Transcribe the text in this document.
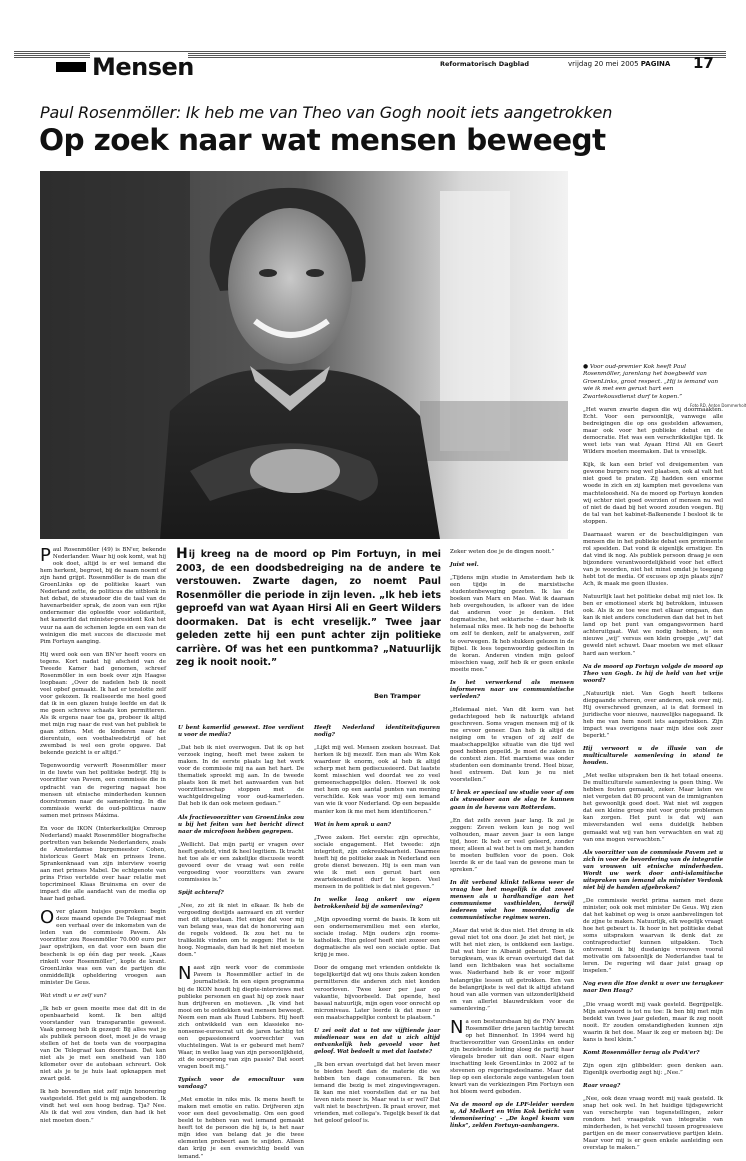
Mensen	Reformatorisch Dagblad	vrijdag 20 mei 2005 PAGINA 17
Paul Rosenmöller: Ik heb me van Theo van Gogh nooit iets aangetrokken
Op zoek naar wat mensen beweegt
● Voor oud-premier Kok heeft Paul Rosenmöller, jarenlang het boegbeeld van GroenLinks, groot respect. „Hij is iemand van wie ik met een gerust hart een Zwartekousdienst durf te kopen.”
Foto RD, Anton Dommerholt
Hij kreeg na de moord op Pim Fortuyn, in mei 2003, de een doodsbedreiging na de andere te verstouwen. Zwarte dagen, zo noemt Paul Rosenmöller die periode in zijn leven. „Ik heb iets geproefd van wat Ayaan Hirsi Ali en Geert Wilders doormaken. Dat is echt vreselijk.” Twee jaar geleden zette hij een punt achter zijn politieke carrière. Of was het een puntkomma? „Natuurlijk zeg ik nooit nooit.”
Ben Tramper

Paul Rosenmöller (49) is BN'er, bekende Nederlander. Waar hij ook komt, wat hij ook doet, altijd is er wel iemand die hem herkent, begroet, bij de naam noemt of zijn hand grijpt. Rosenmöller is de man die GroenLinks op de politieke kaart van Nederland zette, de politicus die uitblonk in het debat, de stuwadoor die de taal van de havenarbeider sprak, de zoon van een rijke ondernemer die opleefde voor solidariteit, het kamerlid dat minister-president Kok het vuur na aan de schenen legde en een van de weinigen die met succes de discussie met Pim Fortuyn aanging.

Hij werd ook een van BN'er heeft voors en tegens. Kort nadat hij afscheid van de Tweede Kamer had genomen, schreef Rosenmöller in een boek over zijn Haagse loopbaan: „Over de nadelen heb ik nooit veel opbef gemaakt. Ik had er tenslotte zelf voor gekozen. Ik realiseerde me heel goed dat ik in een glazen huisje leefde en dat ik me geen schreve schaats kon permitteren. Als ik ergens naar toe ga, probeer ik altijd met mijn rug naar de rest van het publiek te gaan zitten. Met de kinderen naar de dierentuin, een voetbalwedstrijd of het zwembad is wel een grote opgave. Dat bekende gezicht is er altijd.”

Tegenwoordig verwerft Rosenmöller meer in de luwte van het politieke bedrijf. Hij is voorzitter van Pavem, een commissie die in opdracht van de regering nagaat hoe mensen uit etnische minderheden kunnen doorstromen naar de samenleving. In die commissie werkt de oud-politicus nauw samen met prinses Máxima.

En voor de IKON (Interkerkelijke Omroep Nederland) maakt Rosenmöller biografische portretten van bekende Nederlanders, zoals de Amsterdamse burgemeester Cohen, historicus Geert Mak en prinses Irene. Sprankenknaad van zijn interview voerig aan met prinses Mabel. De echtgenote van prins Friso vertelde over haar relatie met topcrimineel Klaas Bruinsma en over de impact die alle aandacht van de media op haar had gehad.

Over glazen huisjes gesproken: begin deze maand opende De Telegraaf met een verhaal over de inkomsten van de leden van de commissie Pavem. Als voorzitter zou Rosenmöller 70.000 euro per jaar opstrijken, en dat voor een baan die beschenk is op één dag per week. „Kaas rinkelt voor Rosenmöller”, kopte de krant. GroenLinks was een van de partijen die onmiddellijk opheldering vroegen aan minister De Geus.

Wat vindt u er zelf van?

„Ik heb er geen moeite mee dat dit in de openbaarheid komt. Ik ben altijd voorstander van transparantie geweest. Vaak genoeg heb ik gezegd: Bij alles wat je als publiek persoon doet, moet je de vraag stellen of het de toets van de voorpagina van De Telegraaf kan doorstaan. Dat kan niet als je met een snelheid van 180 kilometer over de autobaan schreurt. Ook niet als je te je huis laat opknappen met zwart geld.

Ik heb bovendien niet zelf mijn honorering vastgesteld. Het geld is mij aangeboden. Ik vindt het wel een hoog bedrag. Tja? Nee. Als ik dat wel zou vinden, dan had ik het niet moeten doen.”

U bent kamerlid geweest. Hoe verdient u voor de media?

„Dat heb ik niet overwogen. Dat ik op het verzoek inging, heeft met twee zaken te maken. In de eerste plaats lag het werk voor de commissie mij na aan het hart. De thematiek spreekt mij aan. In de tweede plaats kon ik met het aanvaarden van het voorzittersschap stoppen met de wachtgeldregeling voor oud-kamerleden. Dat heb ik dan ook meteen gedaan.”

Als fractievoorzitter van GroenLinks zou u bij het feiten van het bericht direct naar de microfoon hebben gegrepen.

„Wellicht. Dat mijn partij er vragen over heeft gesteld, vind ik heel legitiem. Ik tracht het toe als er een zakelijke discussie wordt gevoerd over de vraag wat een reële vergoeding voor voorzitters van zware commissies is.”

Spijt achteraf?

„Nee, zo zit ik niet in elkaar. Ik heb de vergoeding destijds aanvaard en zit verder met dit uitgestaan. Het enige dat voor mij van belang was, was dat de honorering aan de regels voldeed. Ik zou het nu te tralikeliik vinden om te zeggen: Het is te hoog. Nogmaals, dan had ik het niet moeten doen.”

Naast zijn werk voor de commissie Pavem is Rosenmöller actief in de journalistiek. In een eigen programma bij de IKON houdt hij diepte-interviews met publieke personen en gaat hij op zoek naar hun drijfveren en motieven. „Ik vind het mooi om te ontdekken wat mensen beweegt. Neem een man als Ruud Lubbers. Hij heeft zich ontwikkeld van een klassieke no-nonsense-euroscrat uit de jaren tachtig tot een gepassioneerd voorvechter van vluchtelingen. Wat is er gebeurd met hem? Waar, in welke laag van zijn persoonlijkheid, zit de oorsprong van zijn passie? Dat soort vragen boeit mij.”

Typisch voor de emocultuur van vandaag?

„Met emotie in niks mis. Ik mens heeft te maken met emotie en ratio. Drijfveren zijn voor een deel gevoelsmatig. Om een goed beeld te hebben van wat iemand gemaakt heeft tot de persoon die hij is, is het naar mijn idee van belang dat je die twee elementen probeert aan te snijden. Alleen dan krijg je een evenwichtig beeld van iemand.”

Heeft Nederland identiteitsfiguren nodig?

„Lijkt mij wel. Mensen zoeken houvast. Dat herken ik bij mezelf. Een man als Wim Kok waardeer ik enorm, ook al heb ik altijd scherp met hem gediscussieerd. Dat laatste komt misschien wel doordat we zo veel gemeenschappelijks delen. Hoewel ik ook met hem op een aantal punten van mening verschilde. Kok was voor mij een iemand van wie ik voor Nederland. Op een bepaalde manier kon ik me met hem identificeren.”

Wat in hem sprak u aan?

„Twee zaken. Het eerste: zijn oprechte, sociale engagement. Het tweede: zijn integriteit, zijn onkreukbaarheid. Daarmee heeft hij de politieke zaak in Nederland een grote dienst bewezen. Hij is een man van wie ik met een gerust hart een zwartekousdienst durf te kopen. Veel mensen in de politiek is dat niet gegeven.”

In welke laag ankert uw eigen betrokkenheid bij de samenleving?

„Mijn opvoeding vormt de basis. Ik kom uit een ondernemersmilieu met een sterke, sociale inslag. Mijn ouders zijn rooms-katholiek. Hun geloof heeft niet zozeer een dogmatische als wel een sociale optie. Dat krijg je mee.

Door de omgang met vrienden ontdekte ik tegelijkertijd dat wij ons thuis zaken konden permitteren die anderen zich niet konden veroorloven. Twee keer per jaar op vakantie, bijvoorbeeld. Dat opende, heel basaal natuurlijk, mijn ogen voor onrecht op microniveau. Later leerde ik dat meer in een maatschappelijke context te plaatsen.”

U zei ooit dat u tot uw vijftiende jaar misdienaar was en dat u zich altijd ontvankelijk heb gevoeld voor het geloof. Wat bedoelt u met dat laatste?

„Ik ben ervan overtuigd dat het leven meer te bieden heeft dan de materie die we hebben ten dage consumeren. Ik ben iemand die bezig is met zingevingsvragen. Ik kan me niet voorstellen dat er na het leven niets meer is. Maar wat is er wel? Dat valt niet te beschrijven. Ik praat erover, met vrienden, met collega's. Tegelijk besef ik dat het geloof geloof is.

Zeker weten doe je de dingen nooit.”

Juist wel.

„Tijdens mijn studie in Amsterdam heb ik een tijdje in de marxistische studentenbeweging gezeten. Ik las de boeken van Marx en Mao. Wat ik daaraan heb overgehouden, is afkeer van de idee dat anderen voor je denken. Het dogmatische, het sektarische – daar heb ik helemaal niks mee. Ik heb nog de behoefte om zelf te denken, zelf te analyseren, zelf te overwegen. Ik heb stukken gelezen in de Bijbel. Ik lees tegenwoordig gedeelten in de koran. Anderen vinden mijn geloof misschien vaag, zelf heb ik er geen enkele moeite mee.”

Is het verwerkend als mensen informeren naar uw communistische verleden?

„Helemaal niet. Van dit kern van het gedachtegoed heb ik natuurlijk afstand geschreven. Soms vragen mensen mij of ik me ervoor geneer. Dan heb ik altijd de neiging om te vragen of zij zelf de maatschappelijke situatie van die tijd wel goed hebben gepeild. Je moet de zaken in de context zien. Het marxisme was onder studenten een dominante trend. Heel bizar, heel extreem. Dat kun je nu niet voorstellen.”

U brak er speciaal uw studie voor af om als stuwadoor aan de slag te kunnen gaan in de havens van Rotterdam.

„En dat zelfs zeven jaar lang. Ik zal je zeggen: Zeven weken kun je nog wel volhouden, maar zeven jaar is een lange tijd, hoor. Ik heb er veel geleerd, zonder meer, alleen al wat het is om met je handen te moeten buffelen voor de poen. Ook leerde ik er de taal van de gewone man te spreken.”

In dit verband klinkt telkens weer de vraag hoe het mogelijk is dat zoveel mensen als u hardhandige aan het communisme vasthielden, terwijl iedereen wist hoe moorddadig de communistische regimes waren.

„Maar dat wist ik dus niet. Het drong in elk geval niet tot ons door. Je ziet het niet, je wilt het niet zien, is ontkkend een lastige. Dat wat hier in Albanië gebeurt. Toen ik terugkwam, was ik ervan overtuigd dat dat land een lichtbaken was het socialisme was. Naderhand heb ik er voor mijzelf helangrijke lessen uit getrokken. Een van de belangrijkste is wel dat ik altijd afstand houd van alle vormen van uitzonderlijkheid en van allerlei blauwdrukken voor de samenleving.”

Na een bestuursbaan bij de FNV kwam Rosenmöller drie jaren tachtig terecht op het Binnenhof. In 1994 werd hij fractievoorzitter van GroenLinks en onder zijn bezielende leiding sloeg de partij haar vleugels breder uit dan ooit. Naar eigen inschatting leek GroenLinks in 2002 af te stevenen op regeringsdeelname. Maar dat liep op een electorale zege vantegelen toen kwart van de verkiezingen Pim Fortuyn een hoi bloem werd geboden.

Na de moord op de LPF-leider werden u, Ad Melkert en Wim Kok beticht van 'demonisering' – „De kogel kwam van links”, zelden Fortuyn-aanhangers.

„Het waren zwarte dagen die wij doormaakten. Echt. Voor een persoonlijk, vanwege alle bedreigingen die op ons gestelden afkwamen, maar ook voor het publieke debat en de democratie. Het was een verschrikkelijke tijd. Ik weet iets van wat Ayaan Hirsi Ali en Geert Wilders moeten meemaken. Dat is vreselijk.

Kijk, ik kan een brief vol dreigementen van gewone burgers nog wel plaatsen, ook al valt het niet goed te praten. Zij hadden een enorme woede in zich en zij kampten met gevoelens van machteloosheid. Na de moord op Fortuyn konden wij echter niet goed overzien of mensen nu wel of niet de daad bij het woord zouden voegen. Bij de tal van het kabinet-Balkenende I besloot ik te stoppen.

Daarnaast waren er de beschuldigingen van mensen die in het publieke debat een prominente rol speelden. Dat vond ik eigenlijk ernstiger. En dat vind ik nog. Als publiek persoon draag je een bijzondere verantwoordelijkheid voor het effect van je woorden, niet het minst omdat je toegang hebt tot de media. Of excuses op zijn plaats zijn? Ach, ik maak me geen illusies.

Natuurlijk laat het politieke debat mij niet los. Ik ben er emotioneel sterk bij betrokken, intussen ook. Als ik ze toe wee met elkaar omgaan, dan kan ik niet anders concluderen dan dat het in het land op het punt van omgangsvormen hard achteruitgaat. Wat we nodig hebben, is een nieuwe „wij” versus een klein groepje „wij” dat geweld niet schuwt. Daar moeten we met elkaar hard aan werken.”

Na de moord op Fortuyn volgde de moord op Theo van Gogh. Is hij de held van het vrije woord?

„Natuurlijk niet. Van Gogh heeft telkens diepgaande scheren, over anderen, ook over mij. Hij overschreed grenzen, al is dat formeel in juridische voor nieuwe, nauwelijks nagegaand. Ik heb me van hem nooit iets aangetrokken. Zijn impact was overigens naar mijn idee ook zeer beperkt.”

Hij verwoort u de illusie van de multiculturele samenleving in stand te houden.

„Met welke uitspraken ben ik het totaal oneens. De multiculturele samenleving is geen thing. We hebben fouten gemaakt, zeker. Maar laten we niet vergeten dat 80 procent van de immigranten het gewoonlijk goed doet. Wat niet wil zeggen dat een kleine groep niet voor grote problemen kan zorgen. Het punt is dat wij aan misverstanden wel eens duidelijk hebben gemaakt wat wij van hen verwachten en wat zij van ons mogen verwachten.”

Als voorzitter van de commissie Pavem zet u zich in voor de bevordering van de integratie van vrouwen uit etnische minderheden. Wordt uw werk door anti-islamitische uitspraken van iemand als minister Verdonk niet bij de handen afgebroken?

„De commissie werkt prima samen met deze minister, ook ook met minister De Geus. Wij zien dat het kabinet op weg is onze aanbevelingen tot de zijne te maken. Natuurlijk, elk wegelijk vraagt hoe het gebeurt is. Ik hoor in het politieke debat soms uitspraken waarvan ik denk dat ze contraproductief kunnen uitpakken. Toch ontvreemt ik bij dusdanige vrouwen vooral motivatie om fatsoenlijk de Nederlandse taal te leren. De regering wil daar juist graag op inspelen.”

Nog even die Hoe denkt u over uw terugkeer naar Den Haag?

„Die vraag wordt mij vaak gesteld. Begrijpelijk. Mijn antwoord is tot nu toe: Ik ben blij met mijn bedekt van twee jaar geleden, maar ik zeg nooit nooit. Er zouden omstandigheden kunnen zijn waarin ik het doe. Maar ik zeg er meteen bij: De kans is heel klein.”

Komt Rosenmöller terug als PvdA'er?

Zijn ogen zijn glibbelder: geen denken aan. Eigenlijk overbodig zegt hij: „Nee.”

Raar vraag?

„Nee, ook deze vraag wordt mij vaak gesteld. Ik snap het ook wel. In het huidige tijdsgewricht van verscherpte van tegenstellingen, zeker rondom het vraagstuk van integratie van minderheden, is het verschil tussen progressieve partijen en de meer conservatieve partijen klein. Maar voor mij is er geen enkele aanleiding een overstap te maken.”
